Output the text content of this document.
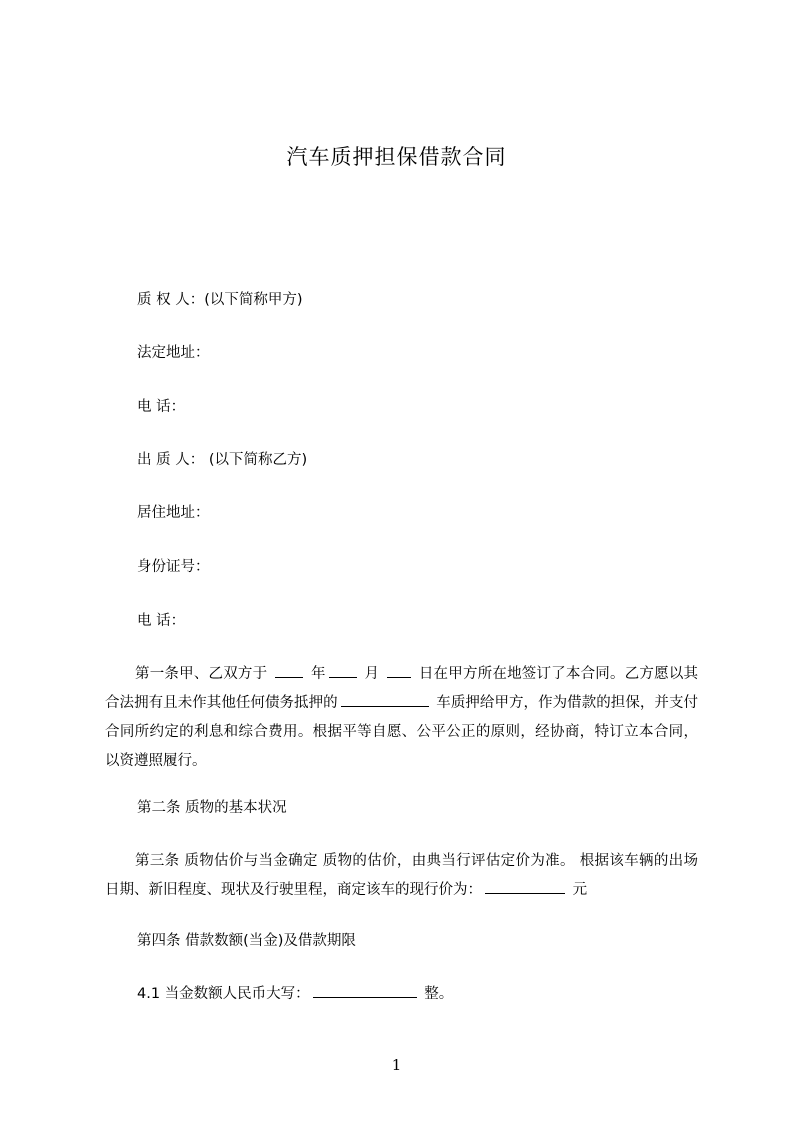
汽车质押担保借款合同
质 权 人：(以下简称甲方)
法定地址：
电 话：
出 质 人： (以下简称乙方)
居住地址：
身份证号：
电 话：

第一条甲、乙双方于  年 月  日在甲方所在地签订了本合同。乙方愿以其合法拥有且未作其他任何债务抵押的	车质押给甲方，作为借款的担保，并支付合同所约定的利息和综合费用。根据平等自愿、公平公正的原则，经协商，特订立本合同，以资遵照履行。

第二条 质物的基本状况

第三条 质物估价与当金确定 质物的估价，由典当行评估定价为准。 根据该车辆的出场日期、新旧程度、现状及行驶里程，商定该车的现行价为：	元

第四条 借款数额(当金)及借款期限
4.1 当金数额人民币大写：	整。
1
